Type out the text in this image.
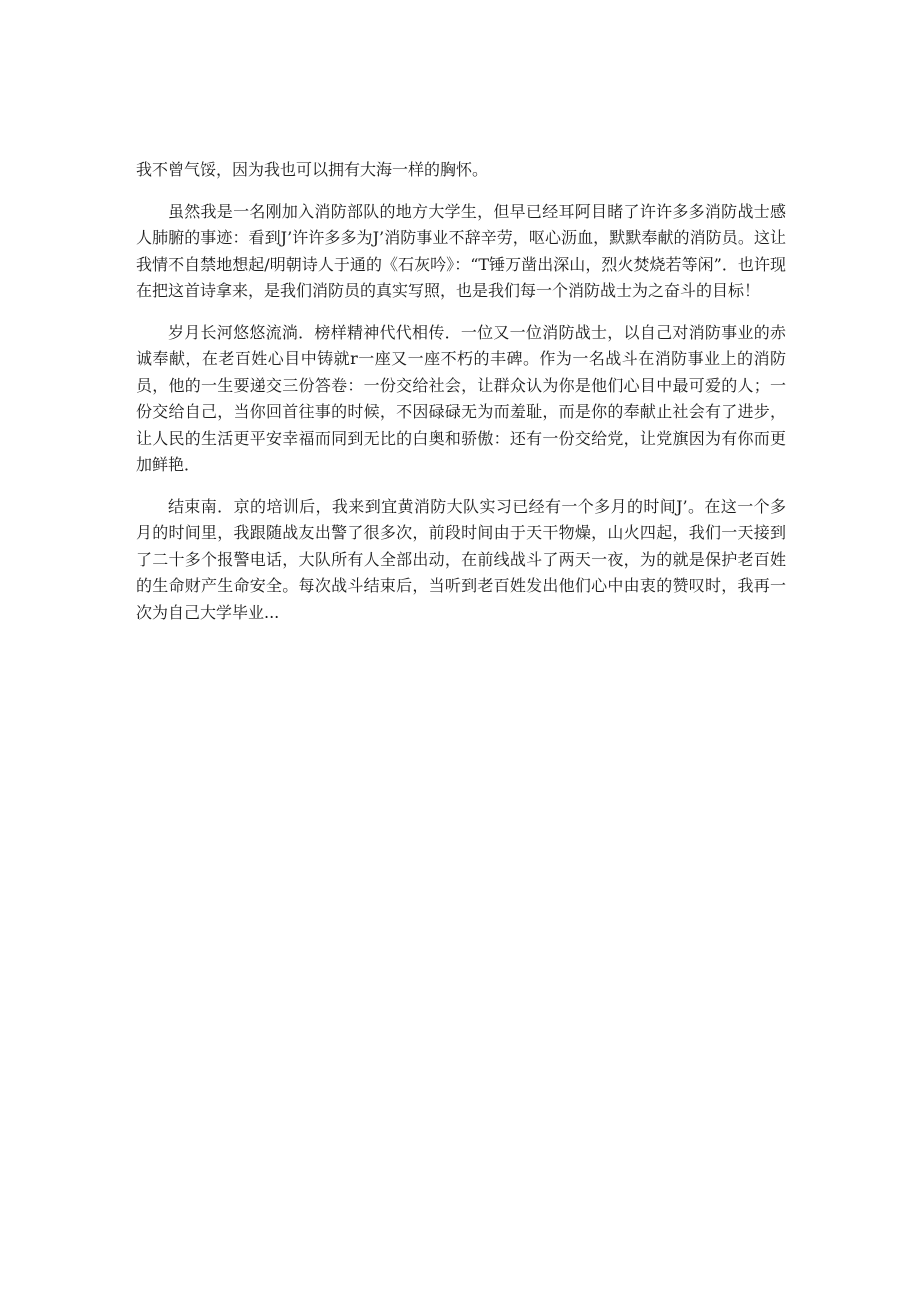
我不曾气馁，因为我也可以拥有大海一样的胸怀。

虽然我是一名刚加入消防部队的地方大学生，但早已经耳阿目睹了许许多多消防战士感人肺腑的事迹：看到J’许许多多为J’消防事业不辞辛劳，呕心沥血，默默奉献的消防员。这让我情不自禁地想起/明朝诗人于通的《石灰吟》：“T锤万凿出深山，烈火焚烧若等闲”．也许现在把这首诗拿来，是我们消防员的真实写照，也是我们每一个消防战士为之奋斗的目标！

岁月长河悠悠流淌．榜样精神代代相传．一位又一位消防战士，以自己对消防事业的赤诚奉献，在老百姓心目中铸就r一座又一座不朽的丰碑。作为一名战斗在消防事业上的消防员，他的一生要递交三份答卷：一份交给社会，让群众认为你是他们心目中最可爱的人；一份交给自己，当你回首往事的时候，不因碌碌无为而羞耻，而是你的奉献止社会有了进步，让人民的生活更平安幸福而同到无比的白奥和骄傲：还有一份交给党，让党旗因为有你而更加鲜艳．

结束南．京的培训后，我来到宜黄消防大队实习已经有一个多月的时间J’。在这一个多月的时间里，我跟随战友出警了很多次，前段时间由于天干物燥，山火四起，我们一天接到了二十多个报警电话，大队所有人全部出动，在前线战斗了两天一夜，为的就是保护老百姓的生命财产生命安全。每次战斗结束后，当听到老百姓发出他们心中由衷的赞叹时，我再一次为自己大学毕业...
